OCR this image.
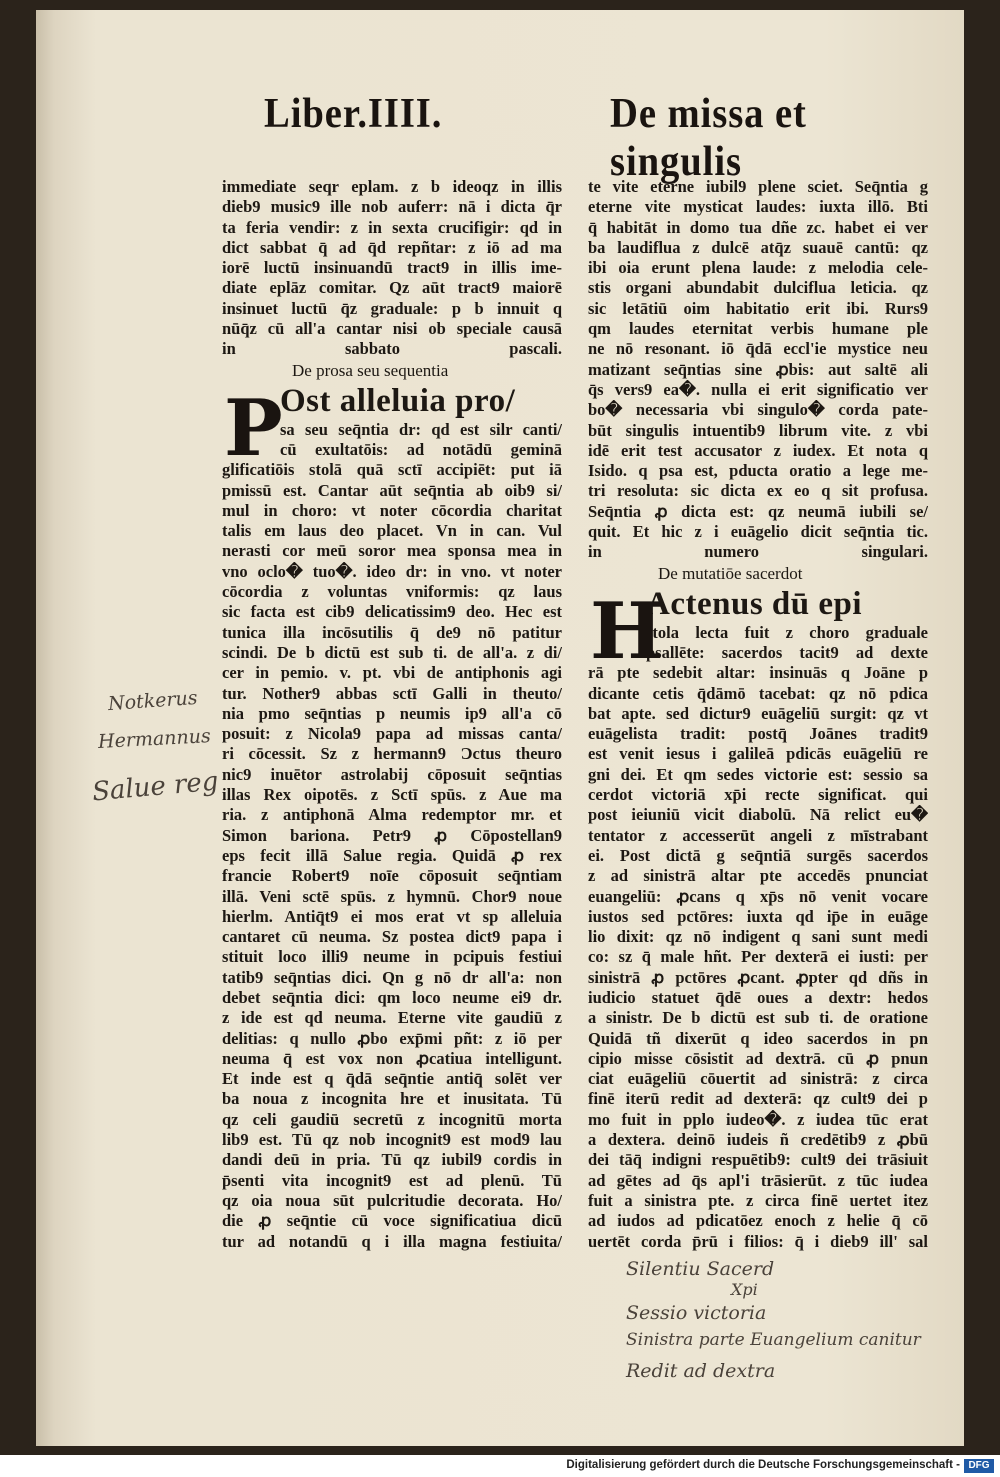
Liber.IIII.	De missa et singulis
immediate seqr eplam. z b ideoqz in illis
dieb9 music9 ille nob auferr: nā i dicta q̄r
ta feria vendir: z in sexta crucifigir: qd in
dict sabbat q̄ ad q̄d repñtar: z iō ad ma
iorē luctū insinuandū tract9 in illis ime-
diate eplāz comitar. Qz aūt tract9 maiorē
insinuet luctū q̄z graduale: p b innuit q
nūq̄z cū all'a cantar nisi ob speciale causā
in sabbato pascali.
De prosa seu sequentia
Ost alleluia pro/
P
sa seu seq̄ntia dr: qd est silr canti/
cū exultatōis: ad notādū geminā
glificatiōis stolā quā sctī accipiēt: put iā
pmissū est. Cantar aūt seq̄ntia ab oib9 si/
mul in choro: vt noter cōcordia charitat
talis em laus deo placet. Vn in can. Vul
nerasti cor meū soror mea sponsa mea in
vno oclo� tuo�. ideo dr: in vno. vt noter
cōcordia z voluntas vniformis: qz laus
sic facta est cib9 delicatissim9 deo. Hec est
tunica illa incōsutilis q̄ de9 nō patitur
scindi. De b dictū est sub ti. de all'a. z di/
cer in pemio. v. pt. vbi de antiphonis agi
tur. Nother9 abbas sctī Galli in theuto/
nia pmo seq̄ntias p neumis ip9 all'a cō
posuit: z Nicola9 papa ad missas canta/
ri cōcessit. Sz z hermann9 Ɔctus theuro
nic9 inuētor astrolabij cōposuit seq̄ntias
illas Rex oipotēs. z Sctī spūs. z Aue ma
ria. z antiphonā Alma redemptor mr. et
Simon bariona. Petr9 ꝓ Cōpostellan9
eps fecit illā Salue regia. Quidā ꝓ rex
francie Robert9 noīe cōposuit seq̄ntiam
illā. Veni sctē spūs. z hymnū. Chor9 noue
hierlm. Antiq̄t9 ei mos erat vt sp alleluia
cantaret cū neuma. Sz postea dict9 papa i
stituit loco illi9 neume in pcipuis festiui
tatib9 seq̄ntias dici. Qn g nō dr all'a: non
debet seq̄ntia dici: qm loco neume ei9 dr.
z ide est qd neuma. Eterne vite gaudiū z
delitias: q nullo ꝓbo exp̄mi pñt: z iō per
neuma q̄ est vox non ꝓcatiua intelligunt.
Et inde est q q̄dā seq̄ntie antiq̄ solēt ver
ba noua z incognita hre et inusitata. Tū
qz celi gaudiū secretū z incognitū morta
lib9 est. Tū qz nob incognit9 est mod9 lau
dandi deū in pria. Tū qz iubil9 cordis in
p̄senti vita incognit9 est ad plenū. Tū
qz oia noua sūt pulcritudie decorata. Ho/
die ꝓ seq̄ntie cū voce significatiua dicū
tur ad notandū q i illa magna festiuita/
te vite eterne iubil9 plene sciet. Seq̄ntia g
eterne vite mysticat laudes: iuxta illō. Bti
q̄ habitāt in domo tua dñe zc. habet ei ver
ba laudiflua z dulcē atq̄z suauē cantū: qz
ibi oia erunt plena laude: z melodia cele-
stis organi abundabit dulciflua leticia. qz
sic letātiū oim habitatio erit ibi. Rurs9
qm laudes eternitat verbis humane ple
ne nō resonant. iō q̄dā eccl'ie mystice neu
matizant seq̄ntias sine ꝓbis: aut saltē ali
q̄s vers9 ea�. nulla ei erit significatio ver
bo� necessaria vbi singulo� corda pate-
būt singulis intuentib9 librum vite. z vbi
idē erit test accusator z iudex. Et nota q
Isido. q psa est, pducta oratio a lege me-
tri resoluta: sic dicta ex eo q sit profusa.
Seq̄ntia ꝓ dicta est: qz neumā iubili se/
quit. Et hic z i euāgelio dicit seq̄ntia tic.
in numero singulari.
De mutatiōe sacerdot
Actenus dū epi
H
stola lecta fuit z choro graduale
psallēte: sacerdos tacit9 ad dexte
rā pte sedebit altar: insinuās q Joāne p
dicante cetis q̄dāmō tacebat: qz nō pdica
bat apte. sed dictur9 euāgeliū surgit: qz vt
euāgelista tradit: postq̄ Joānes tradit9
est venit iesus i galileā pdicās euāgeliū re
gni dei. Et qm sedes victorie est: sessio sa
cerdot victoriā xp̄i recte significat. qui
post ieiuniū vicit diabolū. Nā relict eu�
tentator z accesserūt angeli z mīstrabant
ei. Post dictā g seq̄ntiā surgēs sacerdos
z ad sinistrā altar pte accedēs pnunciat
euangeliū: ꝓcans q xp̄s nō venit vocare
iustos sed pctōres: iuxta qd ip̄e in euāge
lio dixit: qz nō indigent q sani sunt medi
co: sz q̄ male hñt. Per dexterā ei iusti: per
sinistrā ꝓ pctōres ꝓcant. ꝓpter qd dñs in
iudicio statuet q̄dē oues a dextr: hedos
a sinistr. De b dictū est sub ti. de oratione
Quidā tñ dixerūt q ideo sacerdos in pn
cipio misse cōsistit ad dextrā. cū ꝓ pnun
ciat euāgeliū cōuertit ad sinistrā: z circa
finē iterū redit ad dexterā: qz cult9 dei p
mo fuit in pplo iudeo�. z iudea tūc erat
a dextera. deinō iudeis ñ credētib9 z ꝓbū
dei tāq̄ indigni respuētib9: cult9 dei trāsiuit
ad gētes ad q̄s apl'i trāsierūt. z tūc iudea
fuit a sinistra pte. z circa finē uertet itez
ad iudos ad pdicatōez enoch z helie q̄ cō
uertēt corda p̄rū i filios: q̄ i dieb9 ill' sal
Notkerus
Hermannus
Salue reg
Silentiu Sacerd
Xpi
Sessio victoria
Sinistra parte Euangelium canitur
Redit ad dextra
Digitalisierung gefördert durch die Deutsche Forschungsgemeinschaft - DFG
